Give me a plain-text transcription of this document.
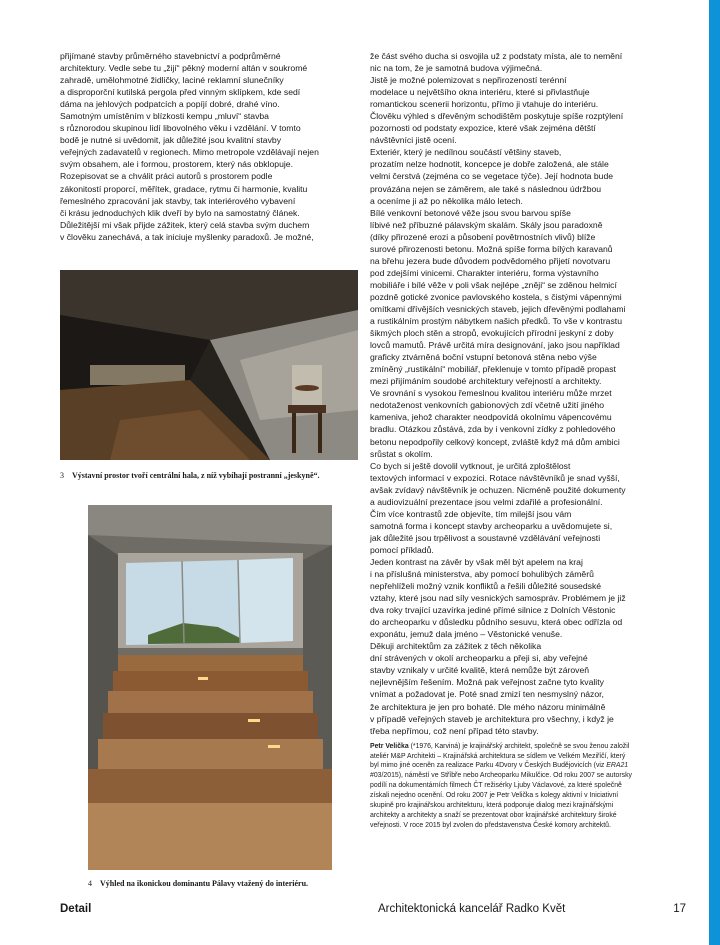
přijímané stavby průměrného stavebnictví a podprůměrné
architektury. Vedle sebe tu „žijí“ pěkný moderní altán v soukromé
zahradě, umělohmotné židličky, laciné reklamní slunečníky
a disproporční kutilská pergola před vinným sklípkem, kde sedí
dáma na jehlových podpatcích a popíjí dobré, drahé víno.

Samotným umístěním v blízkosti kempu „mluví“ stavba
s různorodou skupinou lidí libovolného věku i vzdělání. V tomto
bodě je nutné si uvědomit, jak důležité jsou kvalitní stavby
veřejných zadavatelů v regionech. Mimo metropole vzdělávají nejen
svým obsahem, ale i formou, prostorem, který nás obklopuje.

Rozepisovat se a chválit práci autorů s prostorem podle
zákonitostí proporcí, měřítek, gradace, rytmu či harmonie, kvalitu
řemeslného zpracování jak stavby, tak interiérového vybavení
či krásu jednoduchých klik dveří by bylo na samostatný článek.
Důležitější mi však přijde zážitek, který celá stavba svým duchem
v člověku zanechává, a tak iniciuje myšlenky paradoxů. Je možné,

3 Výstavní prostor tvoří centrální hala, z níž vybíhají postranní „jeskyně“.
4 Výhled na ikonickou dominantu Pálavy vtažený do interiéru.

že část svého ducha si osvojila už z podstaty místa, ale to nemění
nic na tom, že je samotná budova výjimečná.

Jistě je možné polemizovat s nepřirozeností terénní
modelace u největšího okna interiéru, které si přivlastňuje
romantickou scenerii horizontu, přímo ji vtahuje do interiéru.
Člověku výhled s dřevěným schodištěm poskytuje spíše rozptýlení
pozornosti od podstaty expozice, které však zejména dětští
návštěvníci jistě ocení.

Exteriér, který je nedílnou součástí většiny staveb,
prozatím nelze hodnotit, koncepce je dobře založená, ale stále
velmi čerstvá (zejména co se vegetace týče). Její hodnota bude
provázána nejen se záměrem, ale také s následnou údržbou
a oceníme ji až po několika málo letech.

Bílé venkovní betonové věže jsou svou barvou spíše
líbivé než příbuzné pálavským skalám. Skály jsou paradoxně
(díky přirozené erozi a působení povětrnostních vlivů) blíže
surové přirozenosti betonu. Možná spíše forma bílých karavanů
na břehu jezera bude důvodem podvědomého přijetí novotvaru
pod zdejšími vinicemi. Charakter interiéru, forma výstavního
mobiliáře i bílé věže v poli však nejlépe „zněji“ se zděnou helmicí
pozdně gotické zvonice pavlovského kostela, s čistými vápennými
omítkami dřívějších vesnických staveb, jejich dřevěnými podlahami
a rustikálním prostým nábytkem našich předků. To vše v kontrastu
šikmých ploch stěn a stropů, evokujících přírodní jeskyní z doby
lovců mamutů. Právě určitá míra designování, jako jsou například
graficky ztvárněná boční vstupní betonová stěna nebo výše
zmíněný „rustikální“ mobiliář, překlenuje v tomto případě propast
mezi přijímáním soudobé architektury veřejností a architekty.
Ve srovnání s vysokou řemeslnou kvalitou interiéru může mrzet
nedotaženost venkovních gabionových zdí včetně užití jiného
kameniva, jehož charakter neodpovídá okolnímu vápencovému
bradlu. Otázkou zůstává, zda by i venkovní zídky z pohledového
betonu nepodpořily celkový koncept, zvláště když má dům ambici
srůstat s okolím.

Co bych si ještě dovolil vytknout, je určitá zploštělost
textových informací v expozici. Rotace návštěvníků je snad vyšší,
avšak zvídavý návštěvník je ochuzen. Nicméně použité dokumenty
a audiovizuální prezentace jsou velmi zdařilé a profesionální.

Čím více kontrastů zde objevíte, tím milejší jsou vám
samotná forma i koncept stavby archeoparku a uvědomujete si,
jak důležité jsou trpělivost a soustavné vzdělávání veřejnosti
pomocí příkladů.

Jeden kontrast na závěr by však měl být apelem na kraj
i na příslušná ministerstva, aby pomocí bohulibých záměrů
nepřehlíželi možný vznik konfliktů a řešili důležité sousedské
vztahy, které jsou nad síly vesnických samospráv. Problémem je již
dva roky trvající uzavírka jediné přímé silnice z Dolních Věstonic
do archeoparku v důsledku půdního sesuvu, která obec odřízla od
exponátu, jemuž dala jméno – Věstonické venuše.

Děkuji architektům za zážitek z těch několika
dní strávených v okolí archeoparku a přeji si, aby veřejné
stavby vznikaly v určité kvalitě, která nemůže být zároveň
nejlevnějším řešením. Možná pak veřejnost začne tyto kvality
vnímat a požadovat je. Poté snad zmizí ten nesmyslný názor,
že architektura je jen pro bohaté. Dle mého názoru minimálně
v případě veřejných staveb je architektura pro všechny, i když je
třeba nepřímou, což není případ této stavby.

Petr Velička (*1976, Karviná) je krajinářský architekt, společně se svou ženou založil
ateliér M&P Architekti – Krajinářská architektura se sídlem ve Velkém Meziříčí, který
byl mimo jiné oceněn za realizace Parku 4Dvory v Českých Budějovicích (viz ERA21
#03/2015), náměstí ve Stříbře nebo Archeoparku Mikulčice. Od roku 2007 se autorsky
podílí na dokumentárních filmech ČT režisérky Ljuby Václavové, za které společně
získali nejedno ocenění. Od roku 2007 je Petr Velička s kolegy aktivní v Iniciativní
skupině pro krajinářskou architekturu, která podporuje dialog mezi krajinářskými
architekty a architekty a snaží se prezentovat obor krajinářské architektury široké
veřejnosti. V roce 2015 byl zvolen do představenstva České komory architektů.
Detail	Architektonická kancelář Radko Květ	17
